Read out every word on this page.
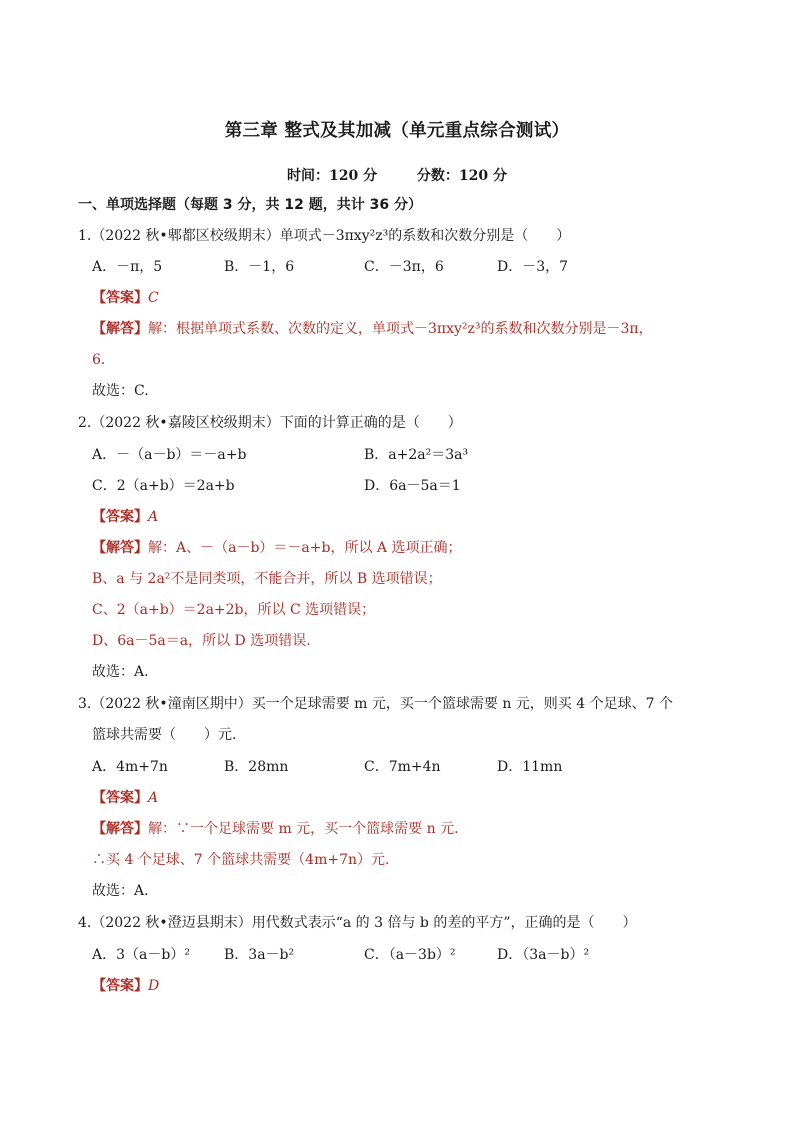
第三章 整式及其加减（单元重点综合测试）
时间：120 分	分数：120 分
一、单项选择题（每题 3 分，共 12 题，共计 36 分）
1.（2022 秋•郫都区校级期末）单项式－3πxy²z³的系数和次数分别是（　　）
A．－π，5	B．－1，6	C．－3π，6	D．－3，7
【答案】C
【解答】解：根据单项式系数、次数的定义，单项式－3πxy²z³的系数和次数分别是－3π，
6.
故选：C.
2.（2022 秋•嘉陵区校级期末）下面的计算正确的是（　　）
A．－（a－b）＝－a+b	B．a+2a²＝3a³
C．2（a+b）＝2a+b	D．6a－5a＝1
【答案】A
【解答】解：A、－（a－b）＝－a+b，所以 A 选项正确；
B、a 与 2a²不是同类项，不能合并，所以 B 选项错误；
C、2（a+b）＝2a+2b，所以 C 选项错误；
D、6a－5a＝a，所以 D 选项错误.
故选：A.
3.（2022 秋•潼南区期中）买一个足球需要 m 元，买一个篮球需要 n 元，则买 4 个足球、7 个
篮球共需要（　　）元.
A．4m+7n	B．28mn	C．7m+4n	D．11mn
【答案】A
【解答】解：∵一个足球需要 m 元，买一个篮球需要 n 元.
∴买 4 个足球、7 个篮球共需要（4m+7n）元.
故选：A.
4.（2022 秋•澄迈县期末）用代数式表示“a 的 3 倍与 b 的差的平方”，正确的是（　　）
A．3（a－b）² B．3a－b²	C．（a－3b）²	D．（3a－b）²
【答案】D
